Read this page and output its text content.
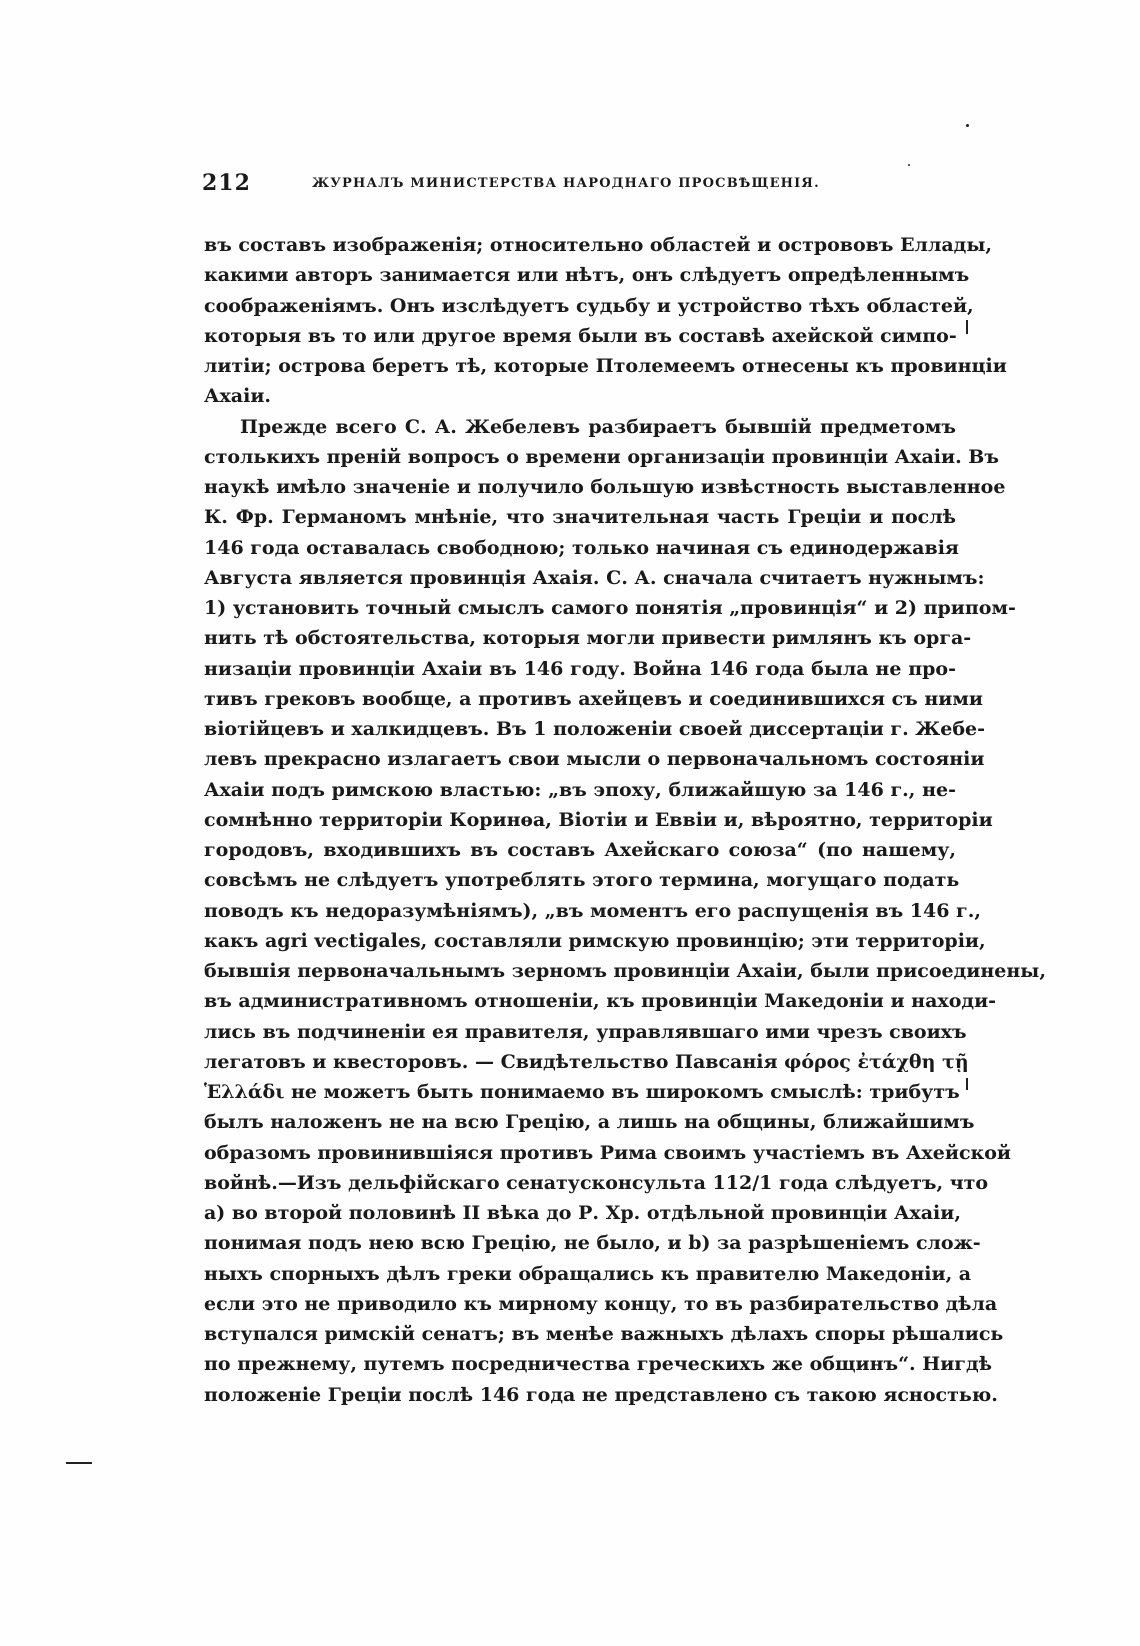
212	ЖУРНАЛЪ МИНИСТЕРСТВА НАРОДНАГО ПРОСВѢЩЕНІЯ.
въ составъ изображенія; относительно областей и острововъ Еллады,
какими авторъ занимается или нѣтъ, онъ слѣдуетъ опредѣленнымъ
соображеніямъ. Онъ изслѣдуетъ судьбу и устройство тѣхъ областей,
которыя въ то или другое время были въ составѣ ахейской симпо-
литіи; острова беретъ тѣ, которые Птолемеемъ отнесены къ провинціи
Ахаіи.
Прежде всего С. А. Жебелевъ разбираетъ бывшій предметомъ
столькихъ преній вопросъ о времени организаціи провинціи Ахаіи. Въ
наукѣ имѣло значеніе и получило большую извѣстность выставленное
К. Фр. Германомъ мнѣніе, что значительная часть Греціи и послѣ
146 года оставалась свободною; только начиная съ единодержавія
Августа является провинція Ахаія. С. А. сначала считаетъ нужнымъ:
1) установить точный смыслъ самого понятія „провинція“ и 2) припом-
нить тѣ обстоятельства, которыя могли привести римлянъ къ орга-
низаціи провинціи Ахаіи въ 146 году. Война 146 года была не про-
тивъ грековъ вообще, а противъ ахейцевъ и соединившихся съ ними
віотійцевъ и халкидцевъ. Въ 1 положеніи своей диссертаціи г. Жебе-
левъ прекрасно излагаетъ свои мысли о первоначальномъ состояніи
Ахаіи подъ римскою властью: „въ эпоху, ближайшую за 146 г., не-
сомнѣнно территоріи Коринѳа, Віотіи и Еввіи и, вѣроятно, территоріи
городовъ, входившихъ въ составъ Ахейскаго союза“ (по нашему,
совсѣмъ не слѣдуетъ употреблять этого термина, могущаго подать
поводъ къ недоразумѣніямъ), „въ моментъ его распущенія въ 146 г.,
какъ agri vectigales, составляли римскую провинцію; эти территоріи,
бывшія первоначальнымъ зерномъ провинціи Ахаіи, были присоединены,
въ административномъ отношеніи, къ провинціи Македоніи и находи-
лись въ подчиненіи ея правителя, управлявшаго ими чрезъ своихъ
легатовъ и квесторовъ. — Свидѣтельство Павсанія φόρος ἐτάχθη τῇ
Ἑλλάδι не можетъ быть понимаемо въ широкомъ смыслѣ: трибутъ
былъ наложенъ не на всю Грецію, а лишь на общины, ближайшимъ
образомъ провинившіяся противъ Рима своимъ участіемъ въ Ахейской
войнѣ.—Изъ дельфійскаго сенатусконсульта 112/1 года слѣдуетъ, что
a) во второй половинѣ II вѣка до Р. Хр. отдѣльной провинціи Ахаіи,
понимая подъ нею всю Грецію, не было, и b) за разрѣшеніемъ слож-
ныхъ спорныхъ дѣлъ греки обращались къ правителю Македоніи, а
если это не приводило къ мирному концу, то въ разбирательство дѣла
вступался римскій сенатъ; въ менѣе важныхъ дѣлахъ споры рѣшались
по прежнему, путемъ посредничества греческихъ же общинъ“. Нигдѣ
положеніе Греціи послѣ 146 года не представлено съ такою ясностью.
